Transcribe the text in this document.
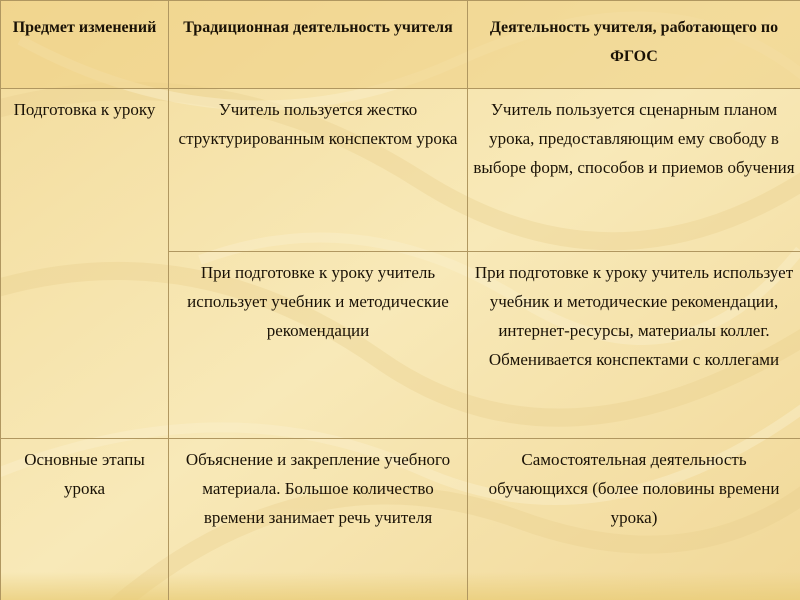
Предмет изменений	Традиционная деятельность учителя	Деятельность учителя, работающего по ФГОС

Подготовка к уроку	Учитель пользуется жестко структурированным конспектом урока	Учитель пользуется сценарным планом урока, предоставляющим ему свободу в выборе форм, способов и приемов обучения

	При подготовке к уроку учитель использует учебник и методические рекомендации	При подготовке к уроку учитель использует учебник и методические рекомендации, интернет-ресурсы, материалы коллег. Обменивается конспектами с коллегами

Основные этапы урока	Объяснение и закрепление учебного материала. Большое количество времени занимает речь учителя	Самостоятельная деятельность обучающихся (более половины времени урока)
